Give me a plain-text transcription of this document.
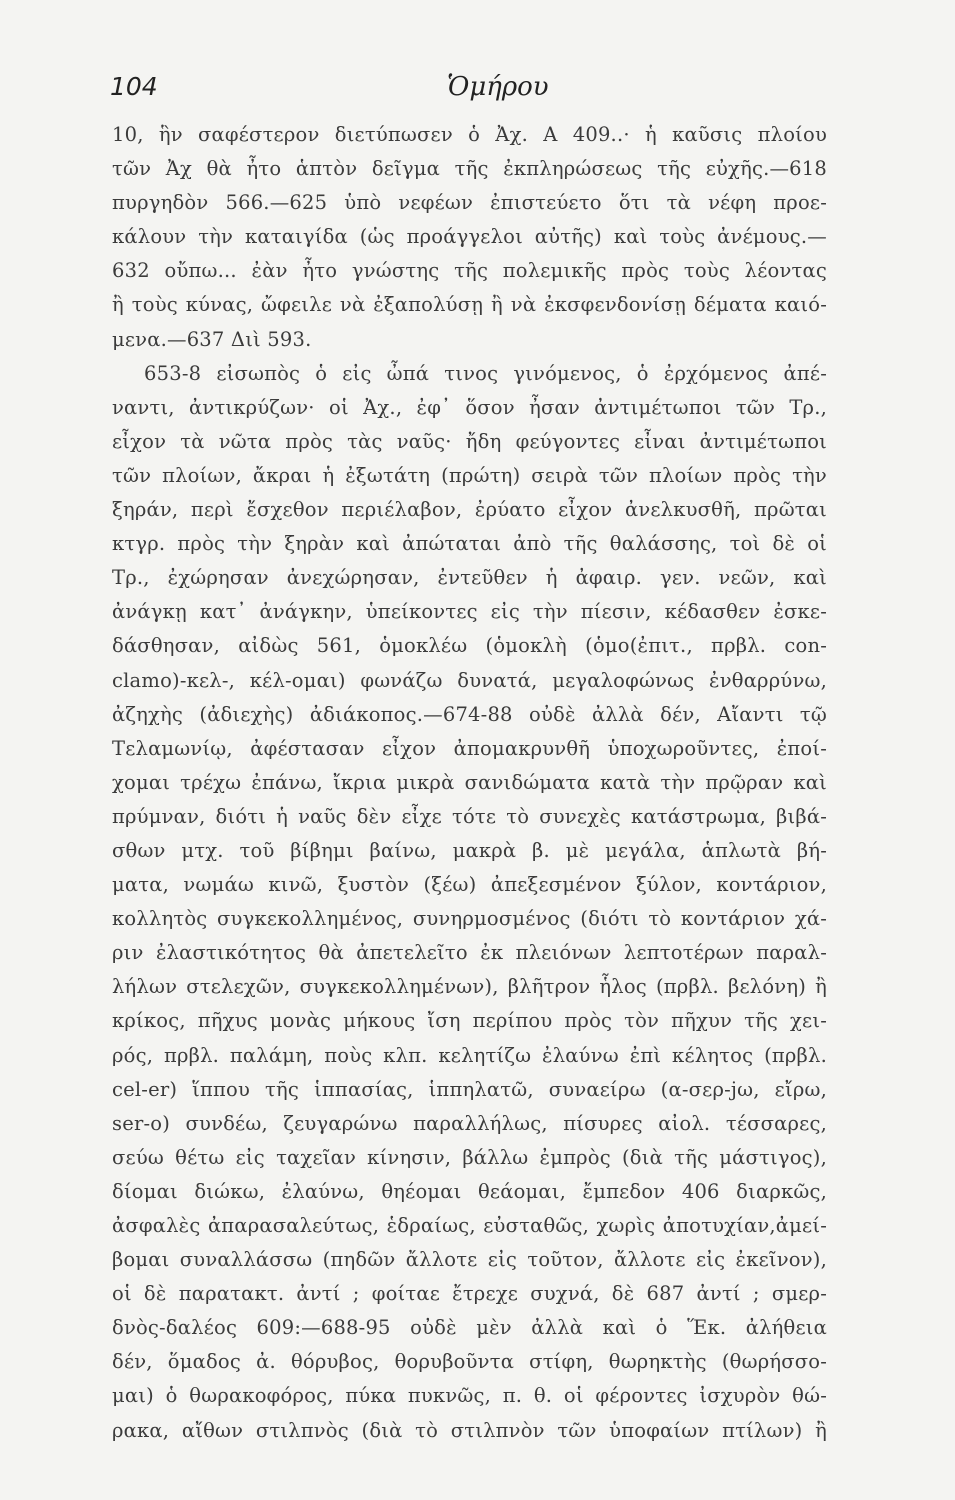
104	Ὁμήρου
10, ἣν σαφέστερον διετύπωσεν ὁ Ἀχ. Α 409..· ἡ καῦσις πλοίου
τῶν Ἀχ θὰ ἦτο ἁπτὸν δεῖγμα τῆς ἐκπληρώσεως τῆς εὐχῆς.—618
πυργηδὸν 566.—625 ὑπὸ νεφέων ἐπιστεύετο ὅτι τὰ νέφη προε-
κάλουν τὴν καταιγίδα (ὡς προάγγελοι αὐτῆς) καὶ τοὺς ἀνέμους.—
632 οὔπω... ἐὰν ἦτο γνώστης τῆς πολεμικῆς πρὸς τοὺς λέοντας
ἢ τοὺς κύνας, ὤφειλε νὰ ἐξαπολύσῃ ἢ νὰ ἐκσφενδονίσῃ δέματα καιό-
μενα.—637 Διὶ 593.
653-8 εἰσωπὸς ὁ εἰς ὦπά τινος γινόμενος, ὁ ἐρχόμενος ἀπέ-
ναντι, ἀντικρύζων· οἱ Ἀχ., ἐφ᾿ ὅσον ἦσαν ἀντιμέτωποι τῶν Τρ.,
εἶχον τὰ νῶτα πρὸς τὰς ναῦς· ἤδη φεύγοντες εἶναι ἀντιμέτωποι
τῶν πλοίων, ἄκραι ἡ ἐξωτάτη (πρώτη) σειρὰ τῶν πλοίων πρὸς τὴν
ξηράν, περὶ ἔσχεθον περιέλαβον, ἐρύατο εἶχον ἀνελκυσθῆ, πρῶται
κτγρ. πρὸς τὴν ξηρὰν καὶ ἀπώταται ἀπὸ τῆς θαλάσσης, τοὶ δὲ οἱ
Τρ., ἐχώρησαν ἀνεχώρησαν, ἐντεῦθεν ἡ ἀφαιρ. γεν. νεῶν, καὶ
ἀνάγκῃ κατ᾿ ἀνάγκην, ὑπείκοντες εἰς τὴν πίεσιν, κέδασθεν ἐσκε-
δάσθησαν, αἰδὼς 561, ὁμοκλέω (ὁμοκλὴ (ὁμο(ἐπιτ., πρβλ. con-
clamo)-κελ-, κέλ-ομαι) φωνάζω δυνατά, μεγαλοφώνως ἐνθαρρύνω,
ἀζηχὴς (ἀδιεχὴς) ἀδιάκοπος.—674-88 οὐδὲ ἀλλὰ δέν, Αἴαντι τῷ
Τελαμωνίῳ, ἀφέστασαν εἶχον ἀπομακρυνθῆ ὑποχωροῦντες, ἐποί-
χομαι τρέχω ἐπάνω, ἴκρια μικρὰ σανιδώματα κατὰ τὴν πρῷραν καὶ
πρύμναν, διότι ἡ ναῦς δὲν εἶχε τότε τὸ συνεχὲς κατάστρωμα, βιβά-
σθων μτχ. τοῦ βίβημι βαίνω, μακρὰ β. μὲ μεγάλα, ἁπλωτὰ βή-
ματα, νωμάω κινῶ, ξυστὸν (ξέω) ἀπεξεσμένον ξύλον, κοντάριον,
κολλητὸς συγκεκολλημένος, συνηρμοσμένος (διότι τὸ κοντάριον χά-
ριν ἐλαστικότητος θὰ ἀπετελεῖτο ἐκ πλειόνων λεπτοτέρων παραλ-
λήλων στελεχῶν, συγκεκολλημένων), βλῆτρον ἧλος (πρβλ. βελόνη) ἢ
κρίκος, πῆχυς μονὰς μήκους ἴση περίπου πρὸς τὸν πῆχυν τῆς χει-
ρός, πρβλ. παλάμη, ποὺς κλπ. κελητίζω ἐλαύνω ἐπὶ κέλητος (πρβλ.
cel-er) ἵππου τῆς ἱππασίας, ἱππηλατῶ, συναείρω (α-σερ-jω, εἴρω,
ser-o) συνδέω, ζευγαρώνω παραλλήλως, πίσυρες αἰολ. τέσσαρες,
σεύω θέτω εἰς ταχεῖαν κίνησιν, βάλλω ἐμπρὸς (διὰ τῆς μάστιγος),
δίομαι διώκω, ἐλαύνω, θηέομαι θεάομαι, ἔμπεδον 406 διαρκῶς,
ἀσφαλὲς ἀπαρασαλεύτως, ἑδραίως, εὐσταθῶς, χωρὶς ἀποτυχίαν,ἀμεί-
βομαι συναλλάσσω (πηδῶν ἄλλοτε εἰς τοῦτον, ἄλλοτε εἰς ἐκεῖνον),
οἱ δὲ παρατακτ. ἀντί ; φοίταε ἔτρεχε συχνά, δὲ 687 ἀντί ; σμερ-
δνὸς-δαλέος 609:—688-95 οὐδὲ μὲν ἀλλὰ καὶ ὁ Ἕκ. ἀλήθεια
δέν, ὅμαδος ἀ. θόρυβος, θορυβοῦντα στίφη, θωρηκτὴς (θωρήσσο-
μαι) ὁ θωρακοφόρος, πύκα πυκνῶς, π. θ. οἱ φέροντες ἰσχυρὸν θώ-
ρακα, αἴθων στιλπνὸς (διὰ τὸ στιλπνὸν τῶν ὑποφαίων πτίλων) ἢ
